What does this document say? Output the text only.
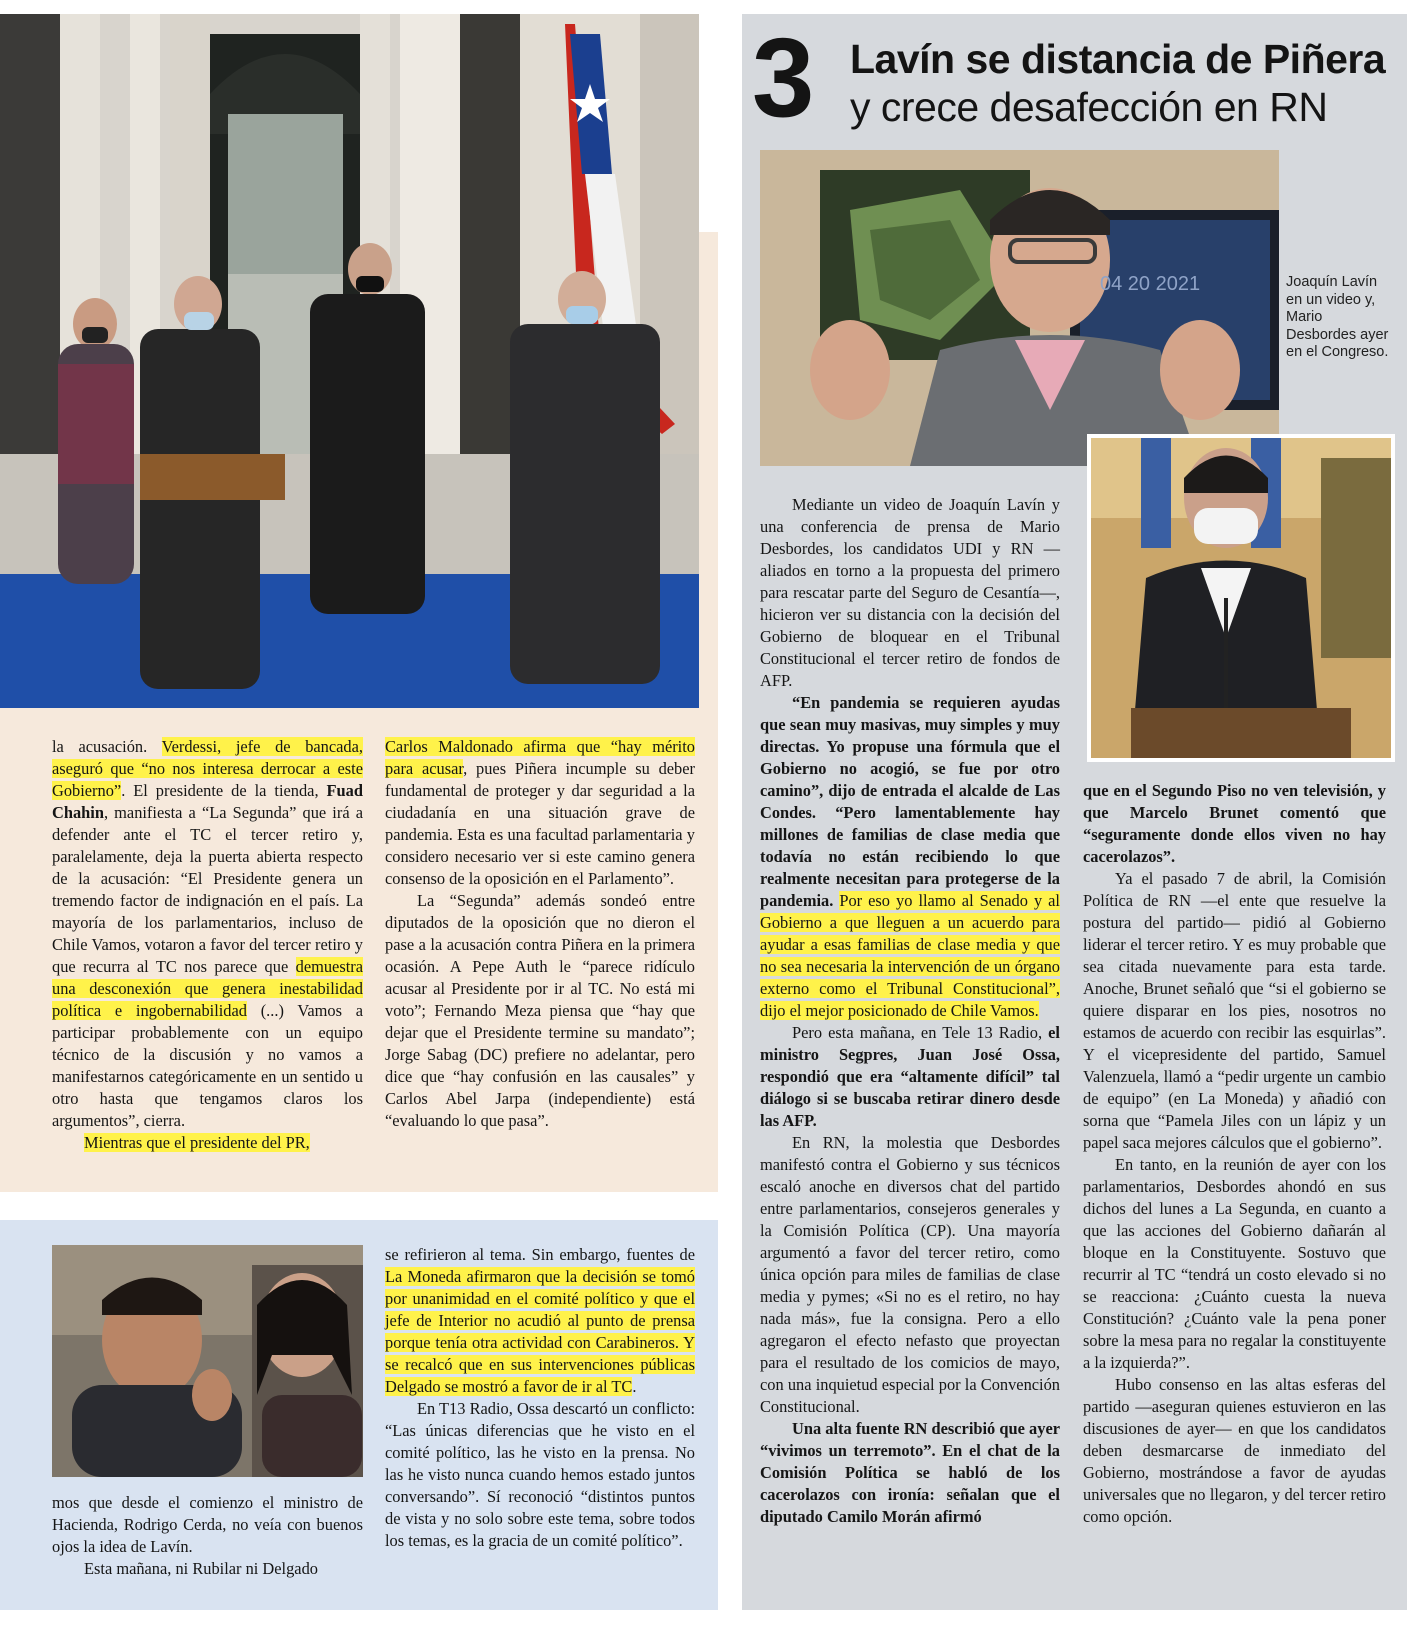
la acusación. Verdessi, jefe de bancada, aseguró que “no nos interesa derrocar a este Gobierno”. El presidente de la tienda, Fuad Chahin, manifiesta a “La Segunda” que irá a defender ante el TC el tercer retiro y, paralelamente, deja la puerta abierta respecto de la acusación: “El Presidente genera un tremendo factor de indignación en el país. La mayoría de los parlamentarios, incluso de Chile Vamos, votaron a favor del tercer retiro y que recurra al TC nos parece que demuestra una desconexión que genera inestabilidad política e ingobernabilidad (...) Vamos a participar probablemente con un equipo técnico de la discusión y no vamos a manifestarnos categóricamente en un sentido u otro hasta que tengamos claros los argumentos”, cierra.

Mientras que el presidente del PR,

Carlos Maldonado afirma que “hay mérito para acusar, pues Piñera incumple su deber fundamental de proteger y dar seguridad a la ciudadanía en una situación grave de pandemia. Esta es una facultad parlamentaria y considero necesario ver si este camino genera consenso de la oposición en el Parlamento”.

La “Segunda” además sondeó entre diputados de la oposición que no dieron el pase a la acusación contra Piñera en la primera ocasión. A Pepe Auth le “parece ridículo acusar al Presidente por ir al TC. No está mi voto”; Fernando Meza piensa que “hay que dejar que el Presidente termine su mandato”; Jorge Sabag (DC) prefiere no adelantar, pero dice que “hay confusión en las causales” y Carlos Abel Jarpa (independiente) está “evaluando lo que pasa”.

mos que desde el comienzo el ministro de Hacienda, Rodrigo Cerda, no veía con buenos ojos la idea de Lavín.

Esta mañana, ni Rubilar ni Delgado

se refirieron al tema. Sin embargo, fuentes de La Moneda afirmaron que la decisión se tomó por unanimidad en el comité político y que el jefe de Interior no acudió al punto de prensa porque tenía otra actividad con Carabineros. Y se recalcó que en sus intervenciones públicas Delgado se mostró a favor de ir al TC.

En T13 Radio, Ossa descartó un conflicto: “Las únicas diferencias que he visto en el comité político, las he visto en la prensa. No las he visto nunca cuando hemos estado juntos conversando”. Sí reconoció “distintos puntos de vista y no solo sobre este tema, sobre todos los temas, es la gracia de un comité político”.

3 Lavín se distancia de Piñera
y crece desafección en RN
04 20 2021	Joaquín Lavín en un video y, Mario Desbordes ayer en el Congreso.

Mediante un video de Joaquín Lavín y una conferencia de prensa de Mario Desbordes, los candidatos UDI y RN —aliados en torno a la propuesta del primero para rescatar parte del Seguro de Cesantía—, hicieron ver su distancia con la decisión del Gobierno de bloquear en el Tribunal Constitucional el tercer retiro de fondos de AFP.

“En pandemia se requieren ayudas que sean muy masivas, muy simples y muy directas. Yo propuse una fórmula que el Gobierno no acogió, se fue por otro camino”, dijo de entrada el alcalde de Las Condes. “Pero lamentablemente hay millones de familias de clase media que todavía no están recibiendo lo que realmente necesitan para protegerse de la pandemia. Por eso yo llamo al Senado y al Gobierno a que lleguen a un acuerdo para ayudar a esas familias de clase media y que no sea necesaria la intervención de un órgano externo como el Tribunal Constitucional”, dijo el mejor posicionado de Chile Vamos.

Pero esta mañana, en Tele 13 Radio, el ministro Segpres, Juan José Ossa, respondió que era “altamente difícil” tal diálogo si se buscaba retirar dinero desde las AFP.

En RN, la molestia que Desbordes manifestó contra el Gobierno y sus técnicos escaló anoche en diversos chat del partido entre parlamentarios, consejeros generales y la Comisión Política (CP). Una mayoría argumentó a favor del tercer retiro, como única opción para miles de familias de clase media y pymes; «Si no es el retiro, no hay nada más», fue la consigna. Pero a ello agregaron el efecto nefasto que proyectan para el resultado de los comicios de mayo, con una inquietud especial por la Convención Constitucional.

Una alta fuente RN describió que ayer “vivimos un terremoto”. En el chat de la Comisión Política se habló de los cacerolazos con ironía: señalan que el diputado Camilo Morán afirmó

que en el Segundo Piso no ven televisión, y que Marcelo Brunet comentó que “seguramente donde ellos viven no hay cacerolazos”.

Ya el pasado 7 de abril, la Comisión Política de RN —el ente que resuelve la postura del partido— pidió al Gobierno liderar el tercer retiro. Y es muy probable que sea citada nuevamente para esta tarde. Anoche, Brunet señaló que “si el gobierno se quiere disparar en los pies, nosotros no estamos de acuerdo con recibir las esquirlas”. Y el vicepresidente del partido, Samuel Valenzuela, llamó a “pedir urgente un cambio de equipo” (en La Moneda) y añadió con sorna que “Pamela Jiles con un lápiz y un papel saca mejores cálculos que el gobierno”.

En tanto, en la reunión de ayer con los parlamentarios, Desbordes ahondó en sus dichos del lunes a La Segunda, en cuanto a que las acciones del Gobierno dañarán al bloque en la Constituyente. Sostuvo que recurrir al TC “tendrá un costo elevado si no se reacciona: ¿Cuánto cuesta la nueva Constitución? ¿Cuánto vale la pena poner sobre la mesa para no regalar la constituyente a la izquierda?”.

Hubo consenso en las altas esferas del partido —aseguran quienes estuvieron en las discusiones de ayer— en que los candidatos deben desmarcarse de inmediato del Gobierno, mostrándose a favor de ayudas universales que no llegaron, y del tercer retiro como opción.
